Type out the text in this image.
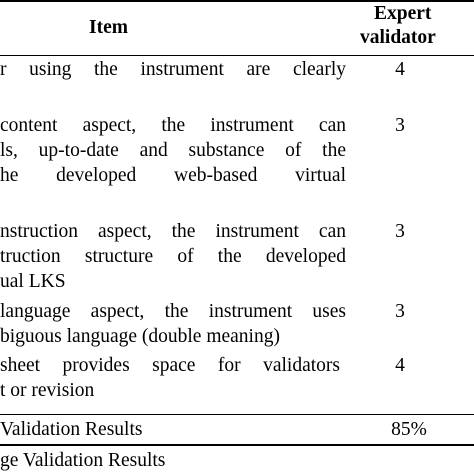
Item
Expert
validator
r using the instrument are clearly	4
content aspect, the instrument can
ls, up-to-date and substance of the
he developed web-based virtual
3
nstruction aspect, the instrument can
truction structure of the developed
ual LKS
3
language aspect, the instrument uses
biguous language (double meaning)
3
sheet provides space for validators
t or revision
4
Validation Results	85%
ge Validation Results
